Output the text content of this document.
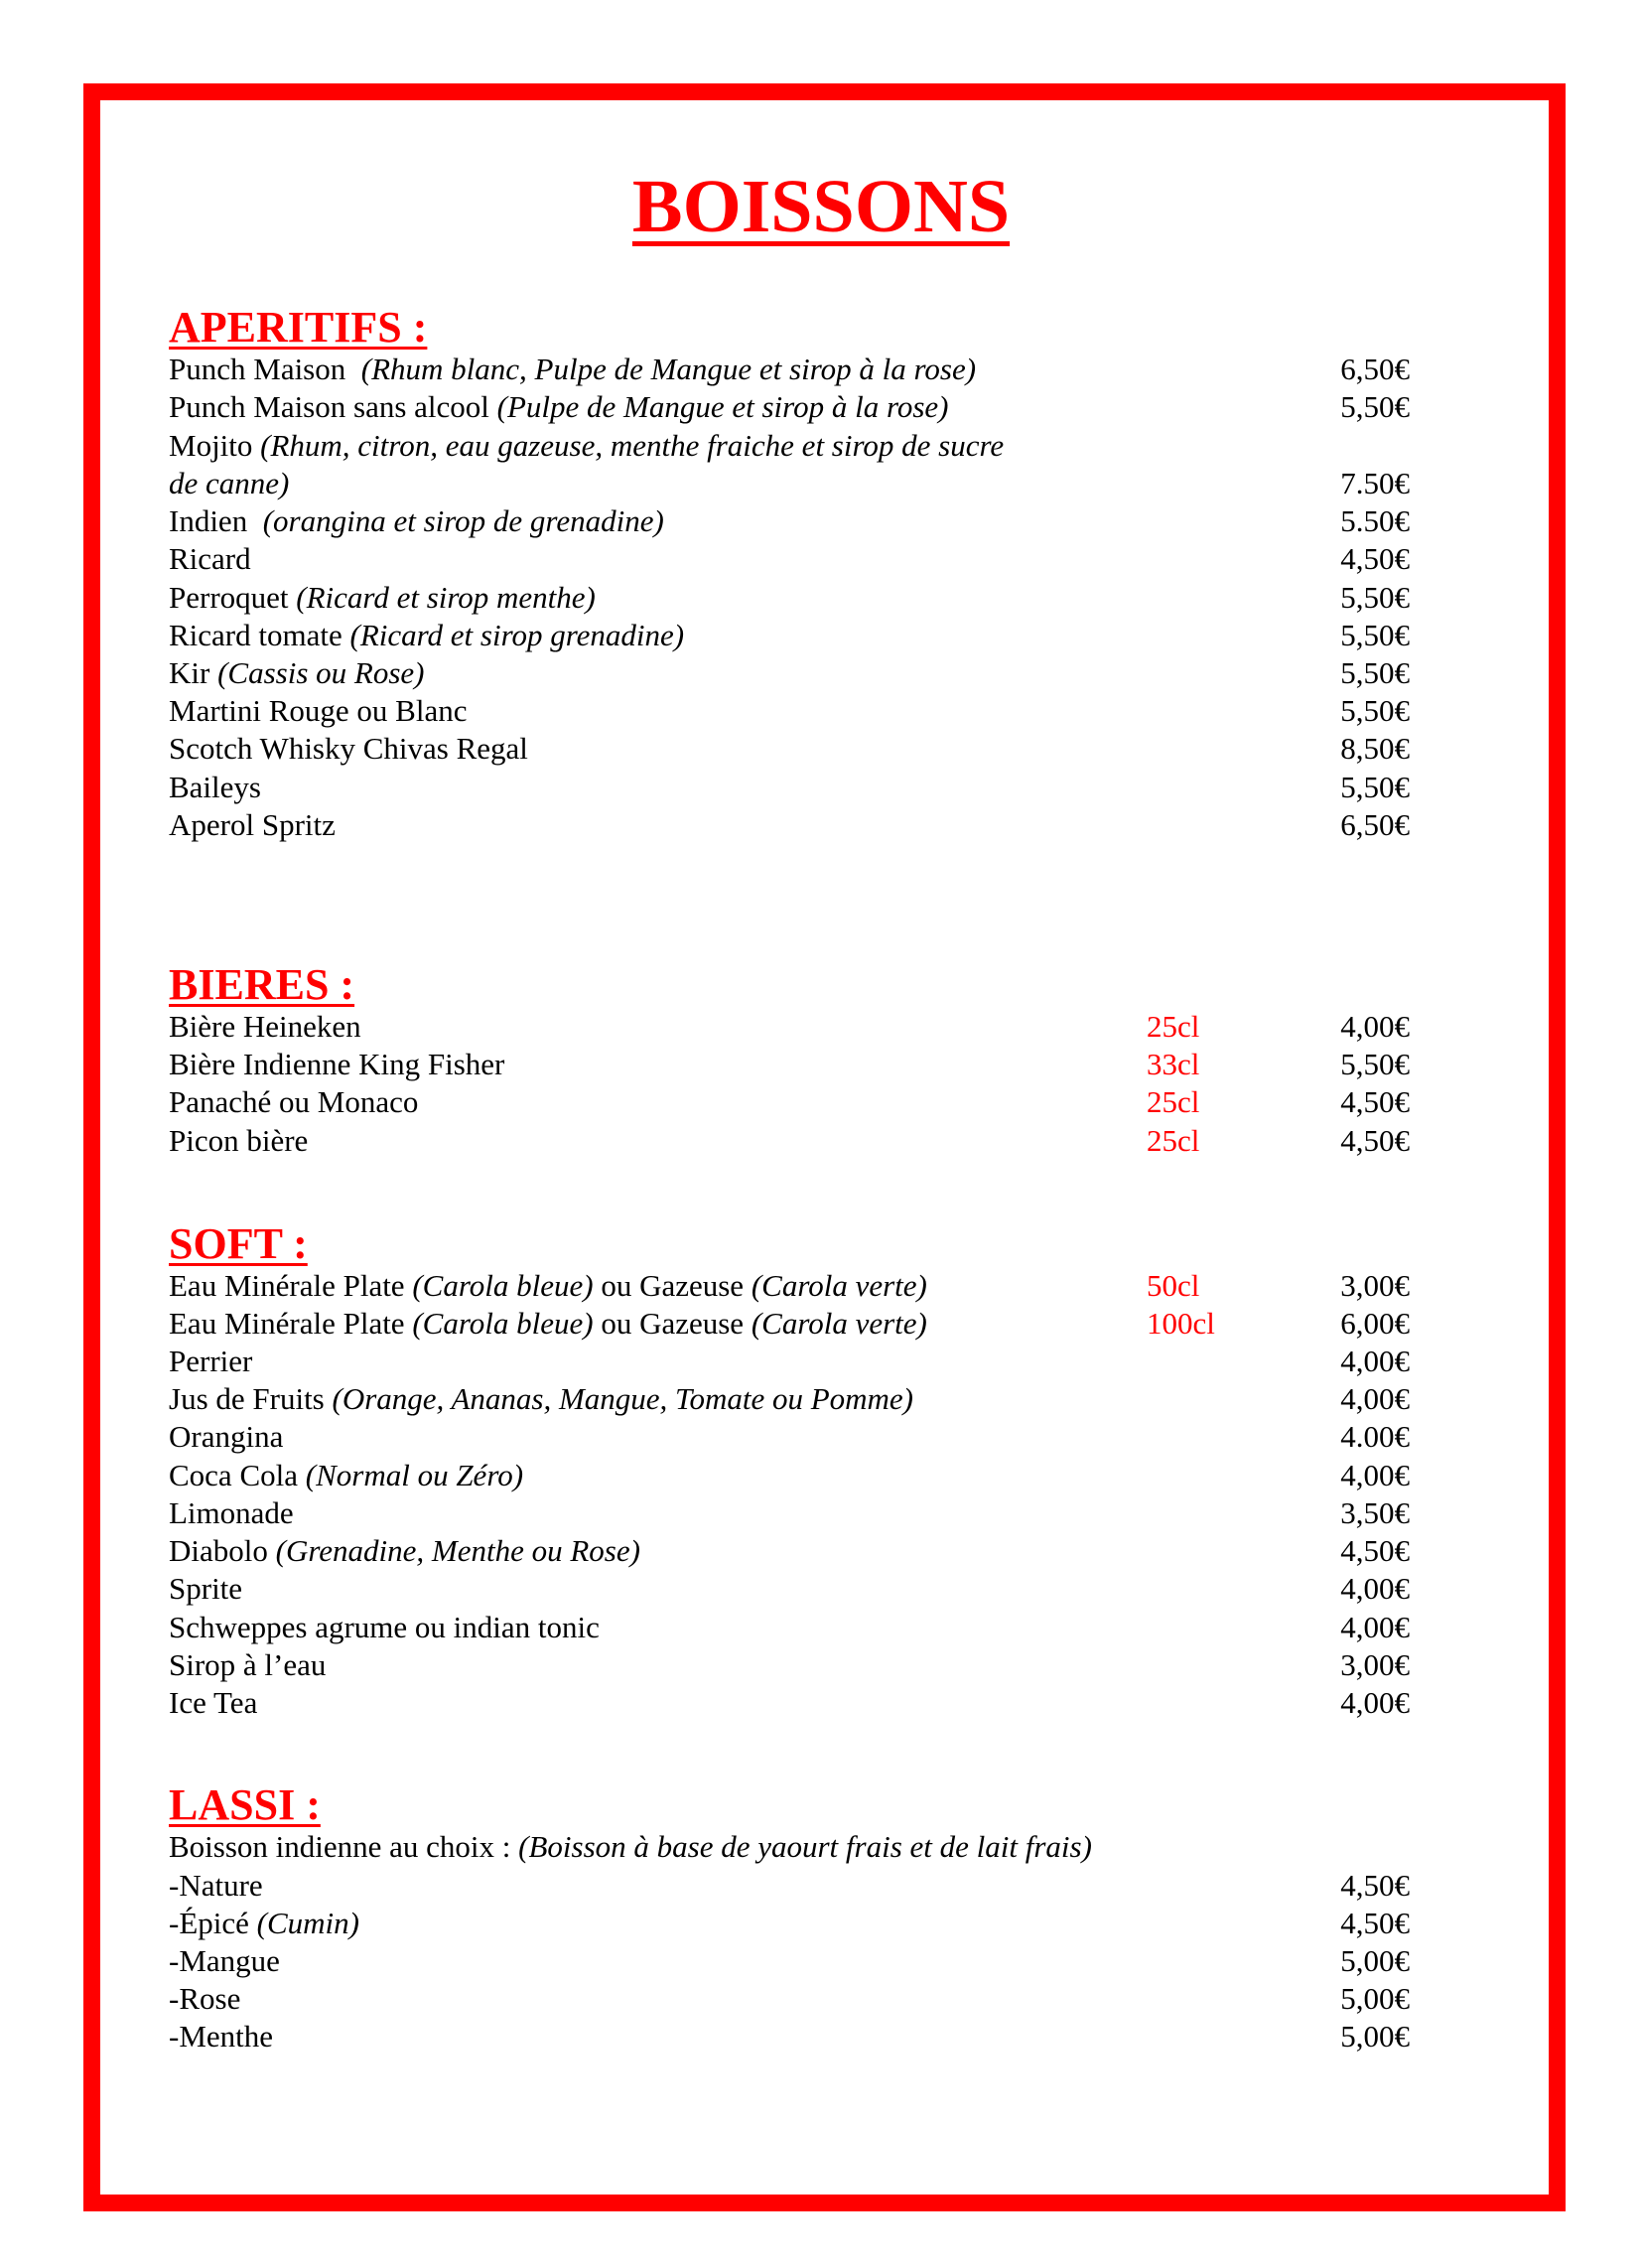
BOISSONS
APERITIFS :
Punch Maison (Rhum blanc, Pulpe de Mangue et sirop à la rose)	6,50€
Punch Maison sans alcool (Pulpe de Mangue et sirop à la rose)	5,50€
Mojito (Rhum, citron, eau gazeuse, menthe fraiche et sirop de sucre
de canne)	7.50€
Indien (orangina et sirop de grenadine)	5.50€
Ricard	4,50€
Perroquet (Ricard et sirop menthe)	5,50€
Ricard tomate (Ricard et sirop grenadine)	5,50€
Kir (Cassis ou Rose)	5,50€
Martini Rouge ou Blanc	5,50€
Scotch Whisky Chivas Regal	8,50€
Baileys	5,50€
Aperol Spritz	6,50€
BIERES :
Bière Heineken	25cl	4,00€
Bière Indienne King Fisher	33cl	5,50€
Panaché ou Monaco	25cl	4,50€
Picon bière	25cl	4,50€
SOFT :
Eau Minérale Plate (Carola bleue) ou Gazeuse (Carola verte)	50cl	3,00€
Eau Minérale Plate (Carola bleue) ou Gazeuse (Carola verte)	100cl	6,00€
Perrier	4,00€
Jus de Fruits (Orange, Ananas, Mangue, Tomate ou Pomme)	4,00€
Orangina	4.00€
Coca Cola (Normal ou Zéro)	4,00€
Limonade	3,50€
Diabolo (Grenadine, Menthe ou Rose)	4,50€
Sprite	4,00€
Schweppes agrume ou indian tonic	4,00€
Sirop à l’eau	3,00€
Ice Tea	4,00€
LASSI :
Boisson indienne au choix : (Boisson à base de yaourt frais et de lait frais)
-Nature	4,50€
-Épicé (Cumin)	4,50€
-Mangue	5,00€
-Rose	5,00€
-Menthe	5,00€
